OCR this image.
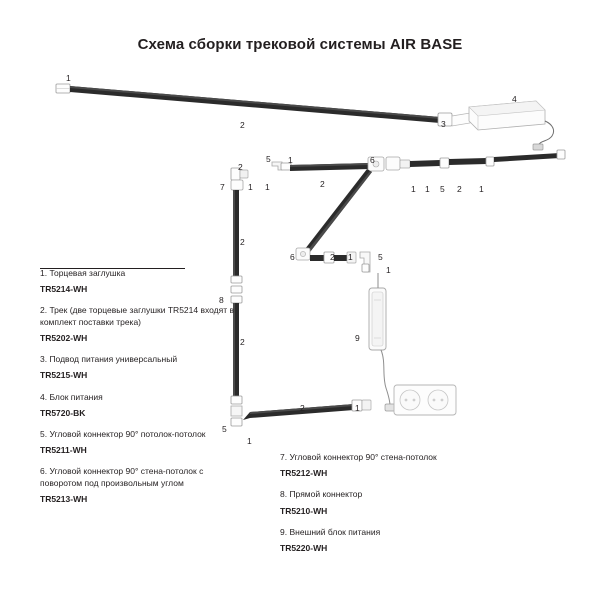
Схема сборки трековой системы AIR BASE
1
2	3
4
2
5 1
7	1 1	2
6
1 1 5 2 1
2
8
2
6	2 1	5
1
9
2	1
5
1
1. Торцевая заглушка
TR5214-WH
2. Трек (две торцевые заглушки TR5214 входят в комплект поставки трека)
TR5202-WH
3. Подвод питания универсальный
TR5215-WH
4. Блок питания
TR5720-BK
5. Угловой коннектор 90° потолок-потолок
TR5211-WH
6. Угловой коннектор 90° стена-потолок с поворотом под произвольным углом
TR5213-WH
7. Угловой коннектор 90° стена-потолок
TR5212-WH
8. Прямой коннектор
TR5210-WH
9. Внешний блок питания
TR5220-WH
